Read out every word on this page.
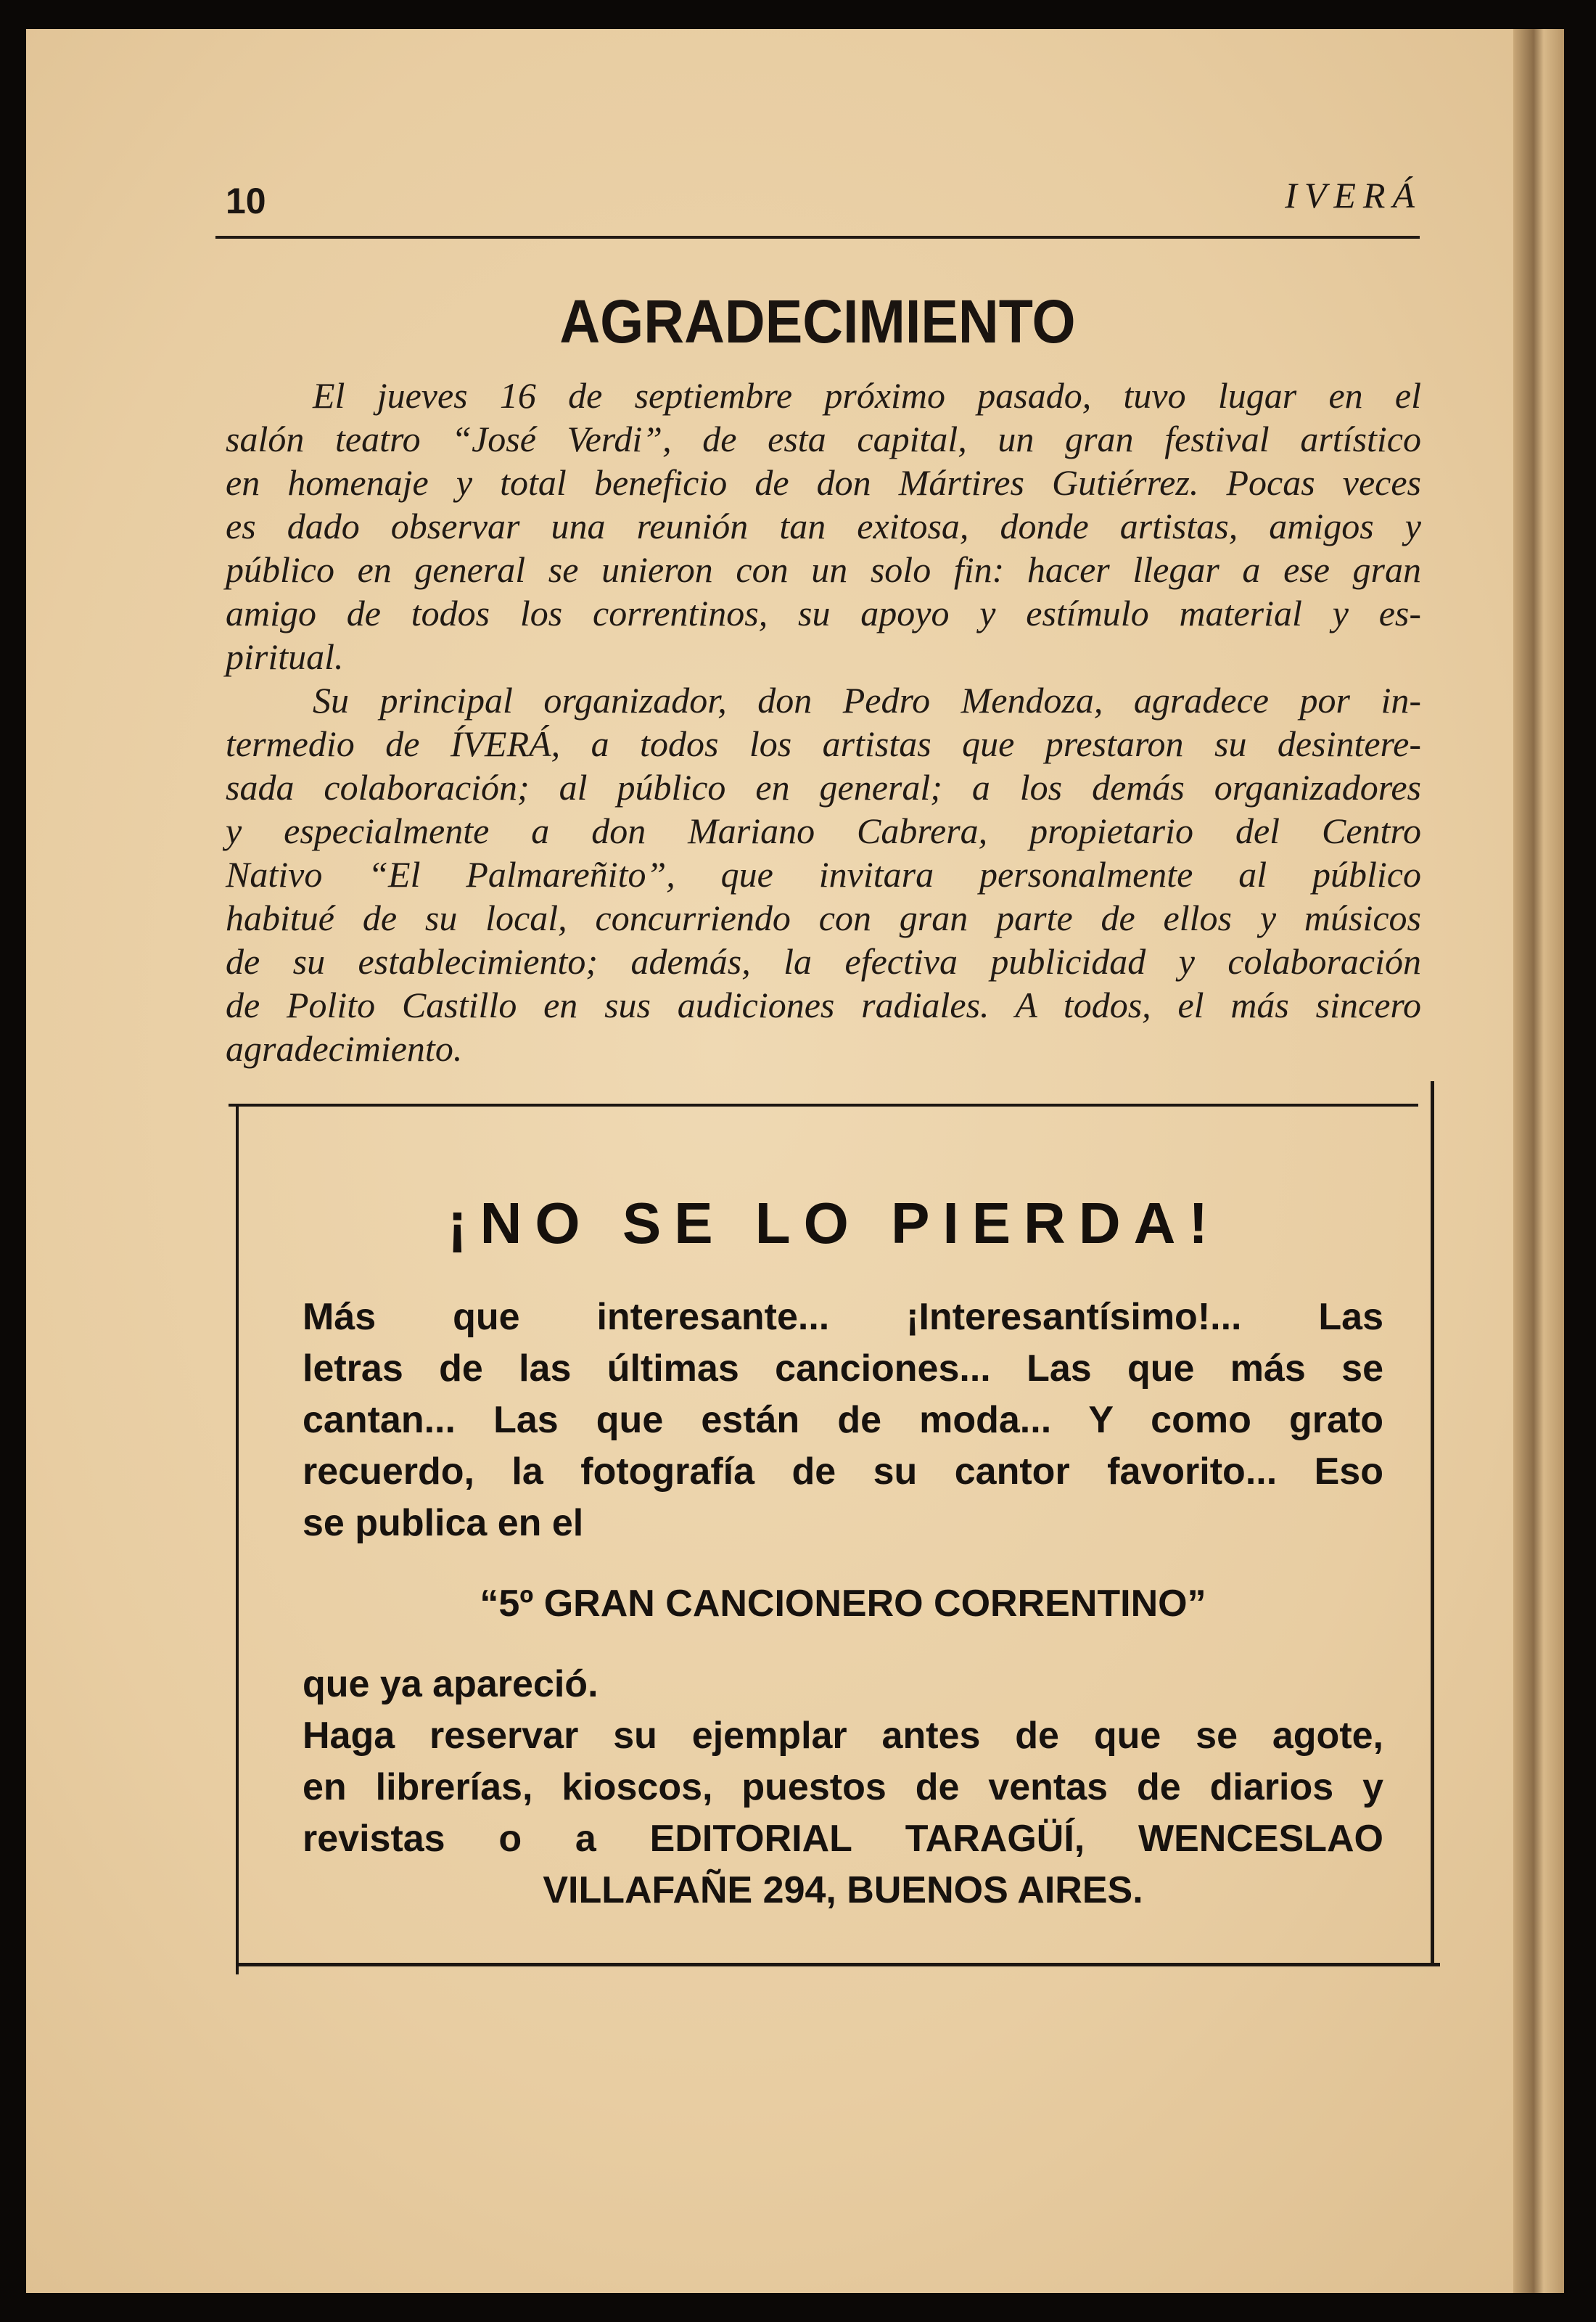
10	IVERÁ
AGRADECIMIENTO
El jueves 16 de septiembre próximo pasado, tuvo lugar en el
salón teatro “José Verdi”, de esta capital, un gran festival artístico
en homenaje y total beneficio de don Mártires Gutiérrez. Pocas veces
es dado observar una reunión tan exitosa, donde artistas, amigos y
público en general se unieron con un solo fin: hacer llegar a ese gran
amigo de todos los correntinos, su apoyo y estímulo material y es-
piritual.
Su principal organizador, don Pedro Mendoza, agradece por in-
termedio de ÍVERÁ, a todos los artistas que prestaron su desintere-
sada colaboración; al público en general; a los demás organizadores
y especialmente a don Mariano Cabrera, propietario del Centro
Nativo “El Palmareñito”, que invitara personalmente al público
habitué de su local, concurriendo con gran parte de ellos y músicos
de su establecimiento; además, la efectiva publicidad y colaboración
de Polito Castillo en sus audiciones radiales. A todos, el más sincero
agradecimiento.
¡NO SE LO PIERDA!
Más que interesante... ¡Interesantísimo!... Las
letras de las últimas canciones... Las que más se
cantan... Las que están de moda... Y como grato
recuerdo, la fotografía de su cantor favorito... Eso
se publica en el
“5º GRAN CANCIONERO CORRENTINO”
que ya apareció.
Haga reservar su ejemplar antes de que se agote,
en librerías, kioscos, puestos de ventas de diarios y
revistas o a EDITORIAL TARAGÜÍ, WENCESLAO
VILLAFAÑE 294, BUENOS AIRES.
